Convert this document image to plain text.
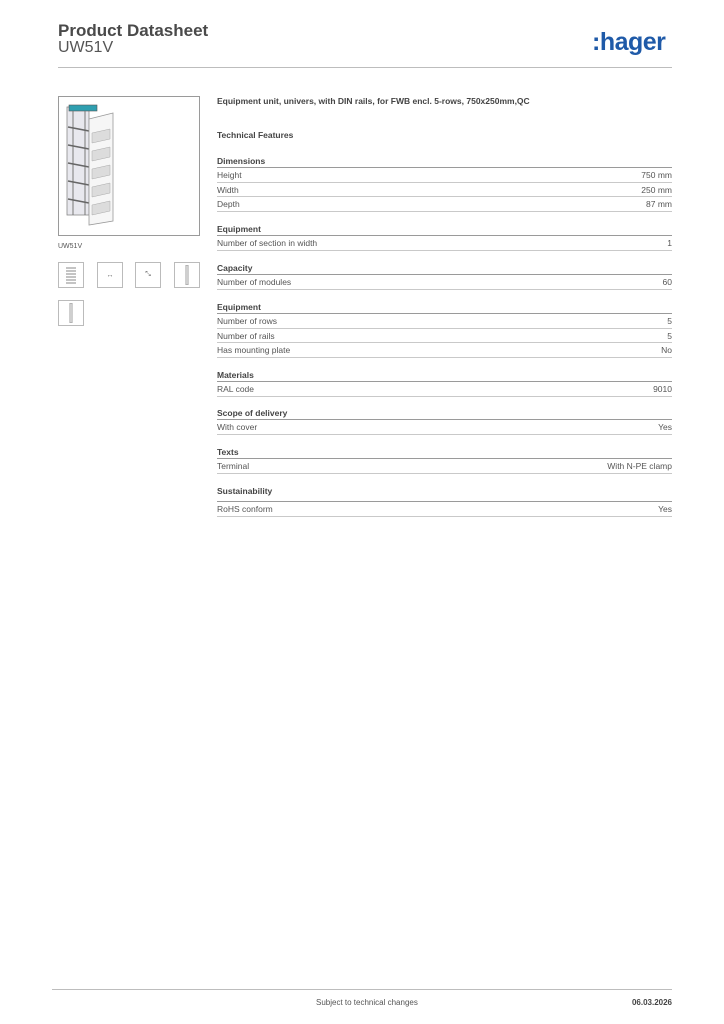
Product Datasheet
UW51V	:hager
UW51V
↔	⤡
Equipment unit, univers, with DIN rails, for FWB encl. 5-rows, 750x250mm,QC
Technical Features
Dimensions
Height	750 mm
Width	250 mm
Depth	87 mm
Equipment
Number of section in width	1
Capacity
Number of modules	60
Equipment
Number of rows	5
Number of rails	5
Has mounting plate	No
Materials
RAL code	9010
Scope of delivery
With cover	Yes
Texts
Terminal	With N-PE clamp
Sustainability
RoHS conform	Yes
Subject to technical changes	06.03.2026
